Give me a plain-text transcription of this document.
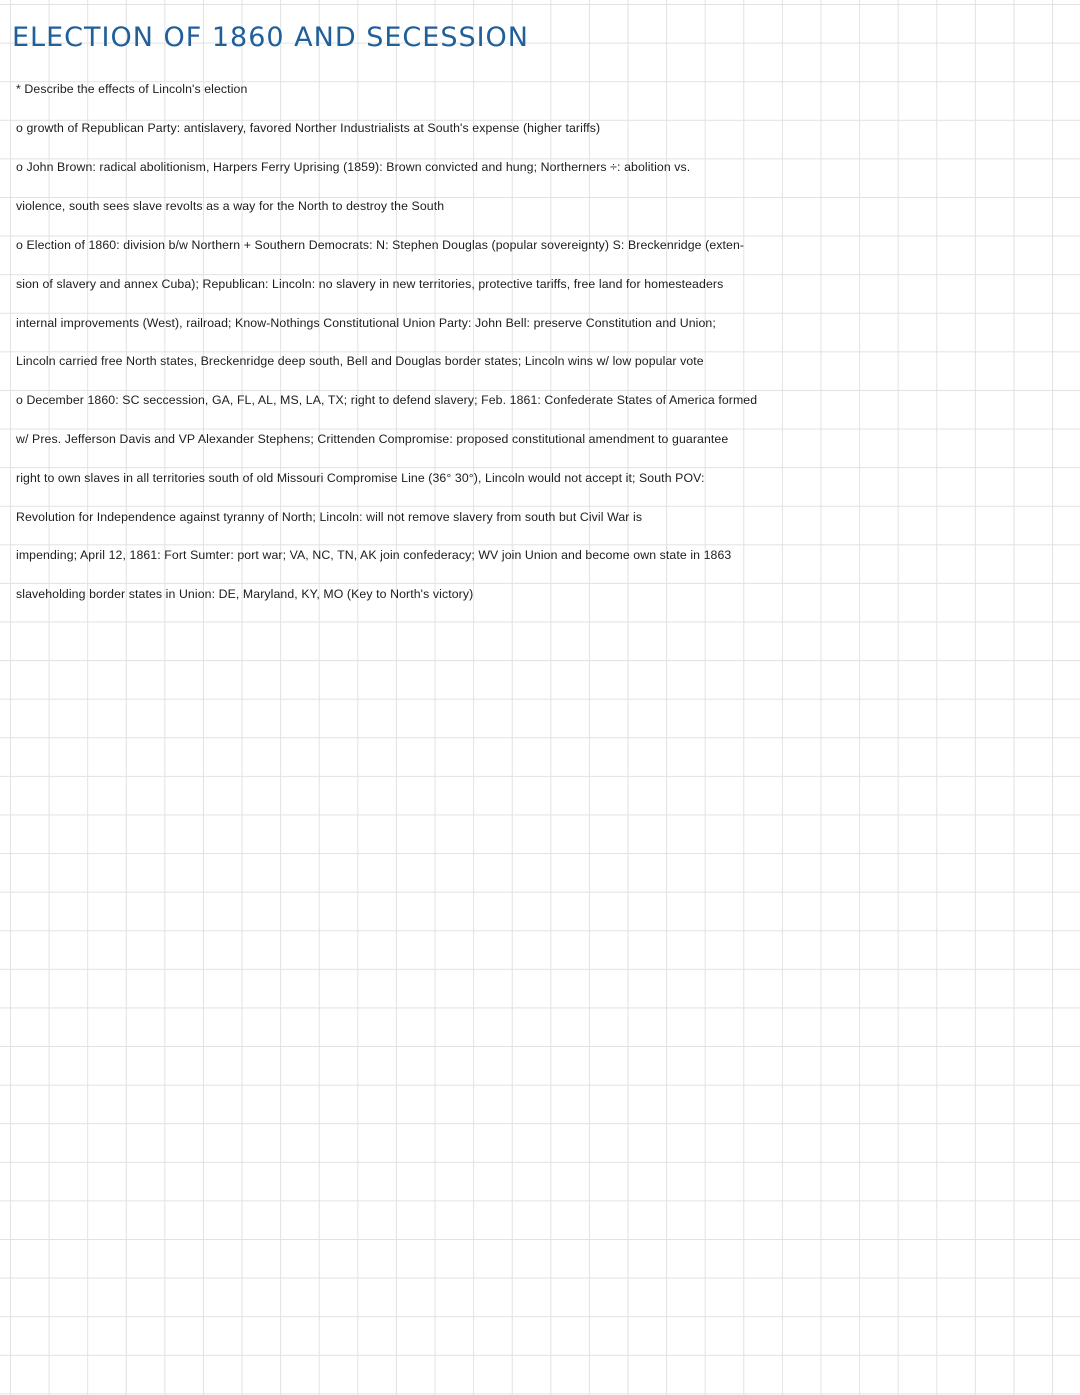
ELECTION OF 1860 AND SECESSION
* Describe the effects of Lincoln's election
o growth of Republican Party: antislavery, favored Norther Industrialists at South's expense (higher tariffs)
o John Brown: radical abolitionism, Harpers Ferry Uprising (1859): Brown convicted and hung; Northerners ÷: abolition vs.
violence, south sees slave revolts as a way for the North to destroy the South
o Election of 1860: division b/w Northern + Southern Democrats: N: Stephen Douglas (popular sovereignty) S: Breckenridge (exten-
sion of slavery and annex Cuba); Republican: Lincoln: no slavery in new territories, protective tariffs, free land for homesteaders
internal improvements (West), railroad; Know-Nothings Constitutional Union Party: John Bell: preserve Constitution and Union;
Lincoln carried free North states, Breckenridge deep south, Bell and Douglas border states; Lincoln wins w/ low popular vote
o December 1860: SC seccession, GA, FL, AL, MS, LA, TX; right to defend slavery; Feb. 1861: Confederate States of America formed
w/ Pres. Jefferson Davis and VP Alexander Stephens; Crittenden Compromise: proposed constitutional amendment to guarantee
right to own slaves in all territories south of old Missouri Compromise Line (36° 30°), Lincoln would not accept it; South POV:
Revolution for Independence against tyranny of North; Lincoln: will not remove slavery from south but Civil War is
impending; April 12, 1861: Fort Sumter: port war; VA, NC, TN, AK join confederacy; WV join Union and become own state in 1863
slaveholding border states in Union: DE, Maryland, KY, MO (Key to North's victory)
